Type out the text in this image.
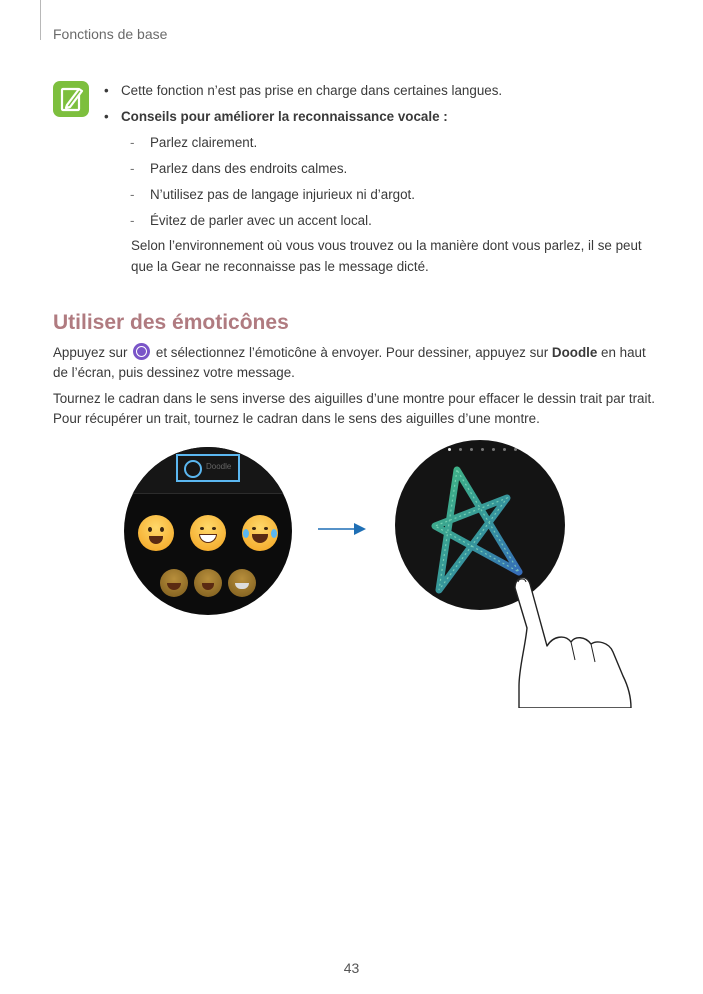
Fonctions de base
• Cette fonction n’est pas prise en charge dans certaines langues.
• Conseils pour améliorer la reconnaissance vocale :
- Parlez clairement.
- Parlez dans des endroits calmes.
- N’utilisez pas de langage injurieux ni d’argot.
- Évitez de parler avec un accent local.
Selon l’environnement où vous vous trouvez ou la manière dont vous parlez, il se peut que la Gear ne reconnaisse pas le message dicté.
Utiliser des émoticônes
Appuyez sur et sélectionnez l’émoticône à envoyer. Pour dessiner, appuyez sur Doodle en haut de l’écran, puis dessinez votre message.
Tournez le cadran dans le sens inverse des aiguilles d’une montre pour effacer le dessin trait par trait. Pour récupérer un trait, tournez le cadran dans le sens des aiguilles d’une montre.
Doodle
43
